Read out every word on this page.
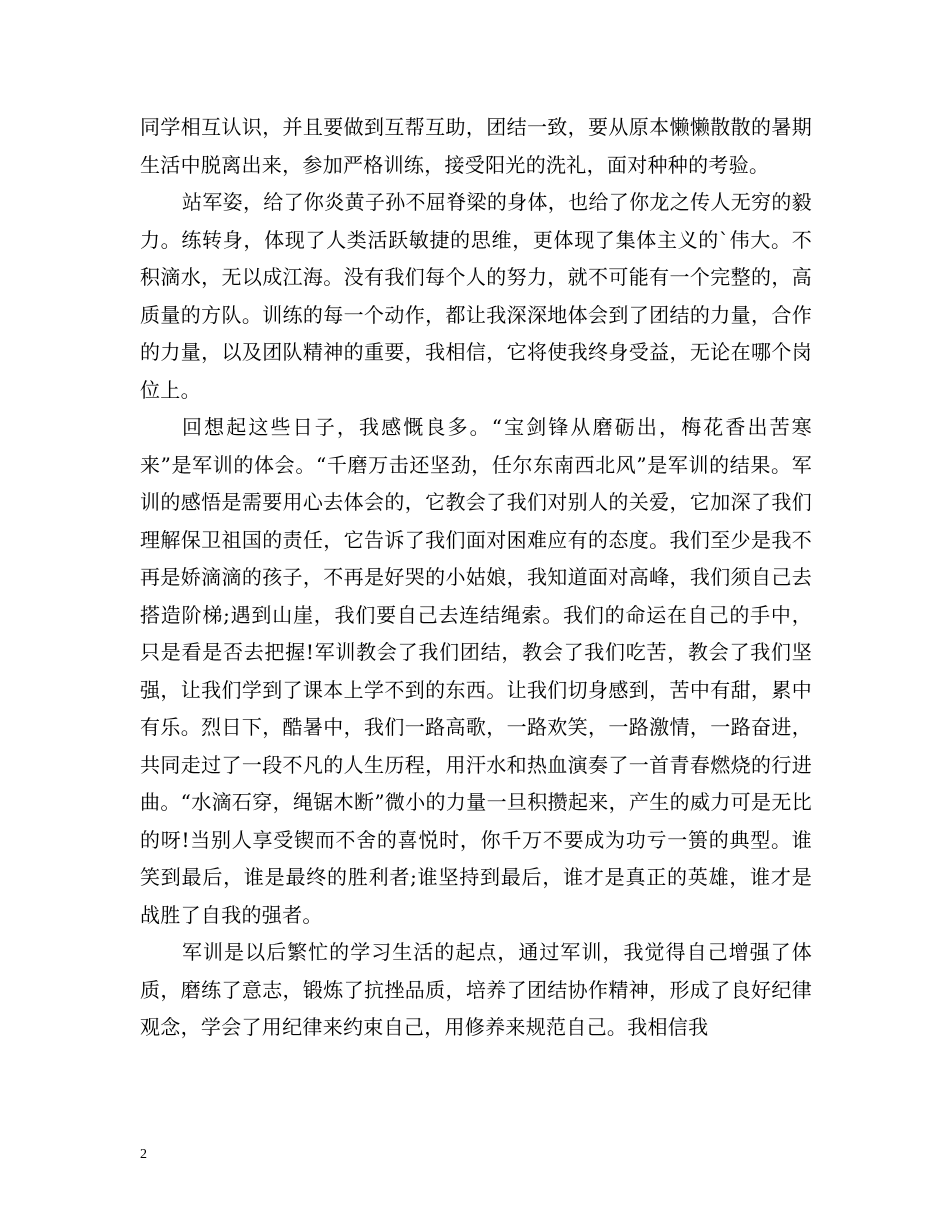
同学相互认识，并且要做到互帮互助，团结一致，要从原本懒懒散散的暑期生活中脱离出来，参加严格训练，接受阳光的洗礼，面对种种的考验。

站军姿，给了你炎黄子孙不屈脊梁的身体，也给了你龙之传人无穷的毅力。练转身，体现了人类活跃敏捷的思维，更体现了集体主义的`伟大。不积滴水，无以成江海。没有我们每个人的努力，就不可能有一个完整的，高质量的方队。训练的每一个动作，都让我深深地体会到了团结的力量，合作的力量，以及团队精神的重要，我相信，它将使我终身受益，无论在哪个岗位上。

回想起这些日子，我感慨良多。“宝剑锋从磨砺出，梅花香出苦寒来”是军训的体会。“千磨万击还坚劲，任尔东南西北风”是军训的结果。军训的感悟是需要用心去体会的，它教会了我们对别人的关爱，它加深了我们理解保卫祖国的责任，它告诉了我们面对困难应有的态度。我们至少是我不再是娇滴滴的孩子，不再是好哭的小姑娘，我知道面对高峰，我们须自己去搭造阶梯;遇到山崖，我们要自己去连结绳索。我们的命运在自己的手中，只是看是否去把握!军训教会了我们团结，教会了我们吃苦，教会了我们坚强，让我们学到了课本上学不到的东西。让我们切身感到，苦中有甜，累中有乐。烈日下，酷暑中，我们一路高歌，一路欢笑，一路激情，一路奋进，共同走过了一段不凡的人生历程，用汗水和热血演奏了一首青春燃烧的行进曲。“水滴石穿，绳锯木断”微小的力量一旦积攒起来，产生的威力可是无比的呀!当别人享受锲而不舍的喜悦时，你千万不要成为功亏一篑的典型。谁笑到最后，谁是最终的胜利者;谁坚持到最后，谁才是真正的英雄，谁才是战胜了自我的强者。

军训是以后繁忙的学习生活的起点，通过军训，我觉得自己增强了体质，磨练了意志，锻炼了抗挫品质，培养了团结协作精神，形成了良好纪律观念，学会了用纪律来约束自己，用修养来规范自己。我相信我

2
